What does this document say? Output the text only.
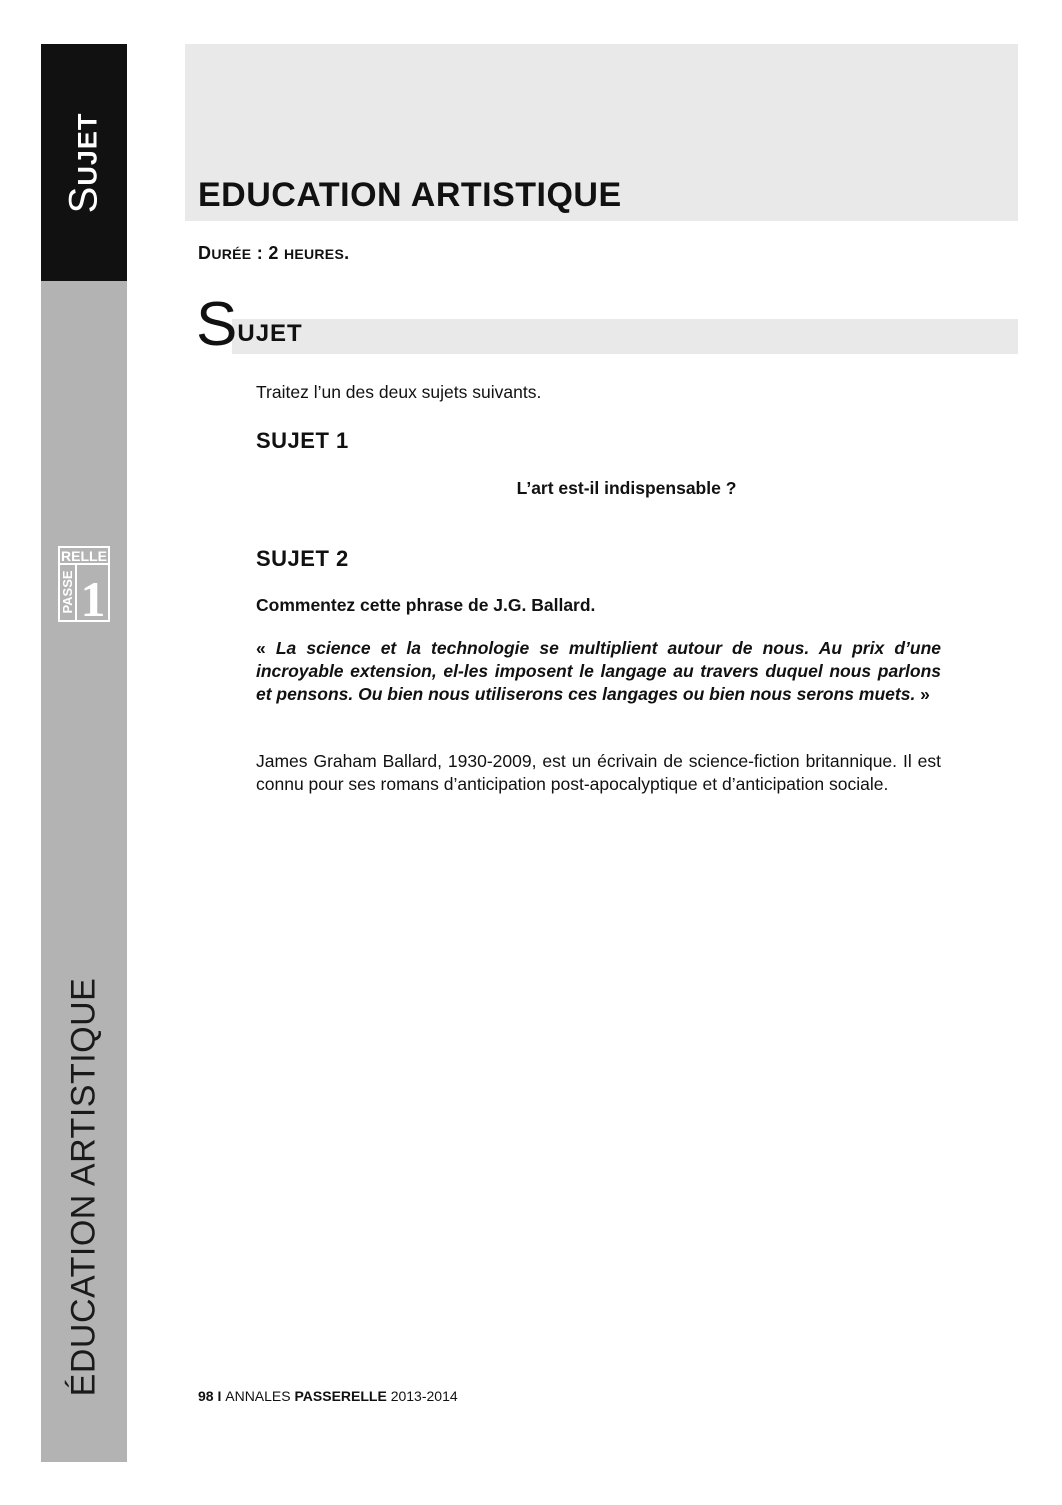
SUJET
RELLE
PASSE 1
ÉDUCATION ARTISTIQUE
EDUCATION ARTISTIQUE

DURÉE : 2 HEURES.

SUJET

Traitez l’un des deux sujets suivants.

SUJET 1

L’art est-il indispensable ?

SUJET 2

Commentez cette phrase de J.G. Ballard.

« La science et la technologie se multiplient autour de nous. Au prix d’une incroyable extension, el-les imposent le langage au travers duquel nous parlons et pensons. Ou bien nous utiliserons ces langages ou bien nous serons muets. »

James Graham Ballard, 1930-2009, est un écrivain de science-fiction britannique. Il est connu pour ses romans d’anticipation post-apocalyptique et d’anticipation sociale.

98 I ANNALES PASSERELLE 2013-2014
